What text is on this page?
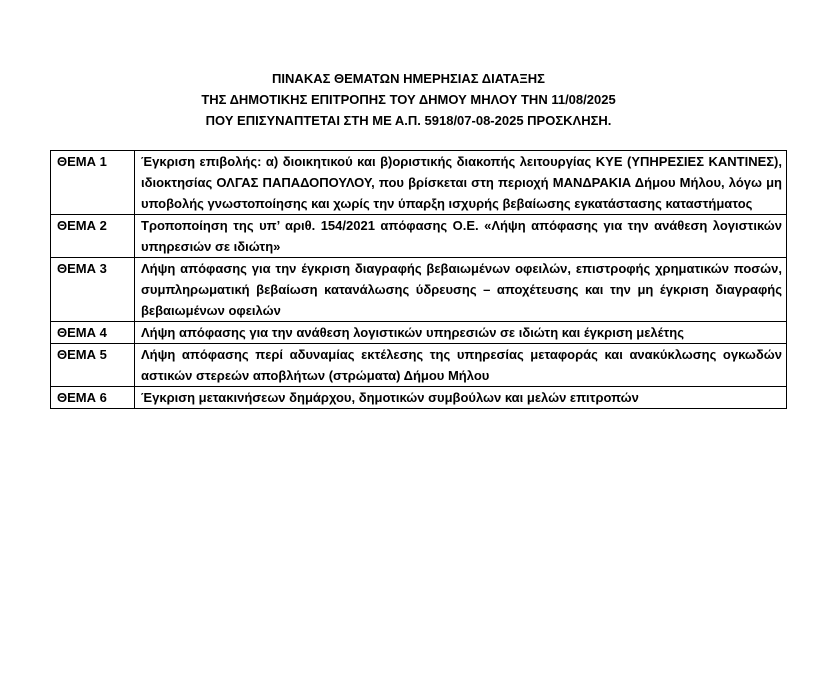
ΠΙΝΑΚΑΣ ΘΕΜΑΤΩΝ ΗΜΕΡΗΣΙΑΣ ΔΙΑΤΑΞΗΣ
ΤΗΣ ΔΗΜΟΤΙΚΗΣ ΕΠΙΤΡΟΠΗΣ ΤΟΥ ΔΗΜΟΥ ΜΗΛΟΥ ΤΗΝ 11/08/2025
ΠΟΥ ΕΠΙΣΥΝΑΠΤΕΤΑΙ ΣΤΗ ΜΕ Α.Π. 5918/07-08-2025 ΠΡΟΣΚΛΗΣΗ.
ΘΕΜΑ 1	Έγκριση επιβολής: α) διοικητικού και β)οριστικής διακοπής λειτουργίας ΚΥΕ (ΥΠΗΡΕΣΙΕΣ ΚΑΝΤΙΝΕΣ), ιδιοκτησίας ΟΛΓΑΣ ΠΑΠΑΔΟΠΟΥΛΟΥ, που βρίσκεται στη περιοχή ΜΑΝΔΡΑΚΙΑ Δήμου Μήλου, λόγω μη υποβολής γνωστοποίησης και χωρίς την ύπαρξη ισχυρής βεβαίωσης εγκατάστασης καταστήματος
ΘΕΜΑ 2	Τροποποίηση της υπ’ αριθ. 154/2021 απόφασης Ο.Ε. «Λήψη απόφασης για την ανάθεση λογιστικών υπηρεσιών σε ιδιώτη»
ΘΕΜΑ 3	Λήψη απόφασης για την έγκριση διαγραφής βεβαιωμένων οφειλών, επιστροφής χρηματικών ποσών, συμπληρωματική βεβαίωση κατανάλωσης ύδρευσης – αποχέτευσης και την μη έγκριση διαγραφής βεβαιωμένων οφειλών
ΘΕΜΑ 4	Λήψη απόφασης για την ανάθεση λογιστικών υπηρεσιών σε ιδιώτη και έγκριση μελέτης
ΘΕΜΑ 5	Λήψη απόφασης περί αδυναμίας εκτέλεσης της υπηρεσίας μεταφοράς και ανακύκλωσης ογκωδών αστικών στερεών αποβλήτων (στρώματα) Δήμου Μήλου
ΘΕΜΑ 6	Έγκριση μετακινήσεων δημάρχου, δημοτικών συμβούλων και μελών επιτροπών
